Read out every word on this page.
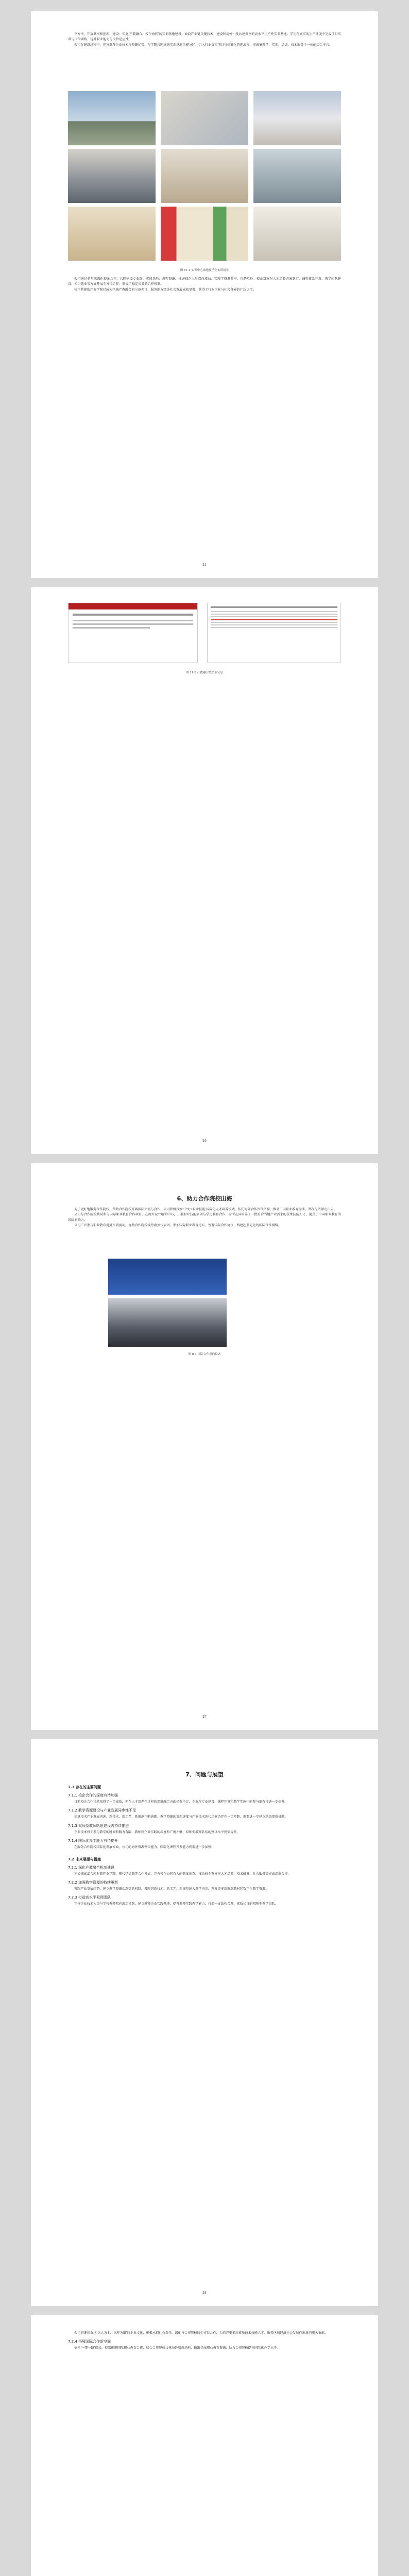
平方米，开放共享和创新、建设：实施'产教融合、校企协同'的实训基地建设，面向产业链关键技术，建设和用好一批共建共享的高水平生产性实训基地。学生在真实的生产环境中完成项目实训与岗位训练，提升职业能力与岗位适应性。

公司在建设过程中，充分发挥企业技术与资源优势，与学院共同规划实训基地功能分区，引入行业真实项目与标准化管理流程，形成集教学、实训、培训、技术服务于一体的综合平台。

图 11-1 实训中心场地及学生实训场景

公司通过多年来深化校企合作，共同建设专业群、实训基地、课程资源，推进校企人员双向流动，实现了资源共享、优势互补。校企双方在人才培养方案制定、课程体系开发、教学团队建设、实习就业等方面开展全方位合作，形成了稳定长效的合作机制。

校企共建的产业学院已成为区域产教融合的示范项目，服务地方经济社会发展成效显著，获得了行业企业与社会各界的广泛认可。

21
图 11-2 产教融合型企业认定
26
6、助力合作院校出海

为了更好地服务合作院校，帮助合作院校开展国际交流与合作，公司积极探索'中文+职业技能'国际化人才培养模式，依托海外合作伙伴资源，推动中国职业教育标准、课程与资源走出去。

公司与合作院校共同参与国际职业教育合作项目，在海外设立培训中心，开展职业技能培训与学历教育合作，为所在国培养了一批符合当地产业需求的技术技能人才，提升了中国职业教育的国际影响力。

公司广泛参与职业教育对外交流活动，协助合作院校接待海外代表团，参加国际职业教育论坛，签署国际合作协议，构建起多元化的国际合作网络。

图 6-1 国际合作签约仪式
27
7、问题与展望
7.1 存在的主要问题
7.1.1 校企合作的深度有待加强

目前校企合作虽然取得了一定成效，但在人才培养全过程的深度融合方面仍有不足，企业在专业建设、课程开发和教学实施中的参与度有待进一步提升。

7.1.2 教学资源建设与产业发展同步性不足

信息技术产业发展迅速，新技术、新工艺、新规范不断涌现，教学资源的更新速度与产业技术迭代之间仍存在一定差距，需要进一步建立动态更新机制。

7.1.3 双师型教师队伍建设需持续推进

企业技术骨干参与教学的时间和精力有限，教师到企业实践的深度和广度不够，双师型教师队伍的整体水平仍需提升。

7.1.4 国际化办学能力有待提升

在服务合作院校国际化发展方面，公司的海外资源整合能力、国际化课程开发能力仍需进一步加强。

7.2 未来展望与措施
7.2.1 深化产教融合机制建设

积极探索混合所有制产业学院、现代学徒制等合作模式，完善校企协同育人的制度体系，推动校企双方在人才培养、技术研发、社会服务等方面深度合作。

7.2.2 加强教学资源的持续更新

紧跟产业发展趋势，建立教学资源动态更新机制，及时将新技术、新工艺、新规范纳入教学内容，开发更多新形态教材和数字化教学资源。

7.2.3 打造高水平双师团队

完善企业技术人员与学校教师双向流动机制，建立教师企业实践基地，提升教师实践教学能力，打造一支结构合理、素质优良的双师型教学团队。

28

公司将继续秉承'以人为本、以厚为道'的企业文化，积极承担社会责任，深化与合作院校的全方位合作，为培养更多高素质技术技能人才、服务区域经济社会发展作出新的更大贡献。

7.2.4 拓展国际合作新空间

依托'一带一路'倡议，持续推进国际职业教育合作，联合合作院校共建海外培训基地，输出优质职业教育资源，助力合作院校提升国际化办学水平。
